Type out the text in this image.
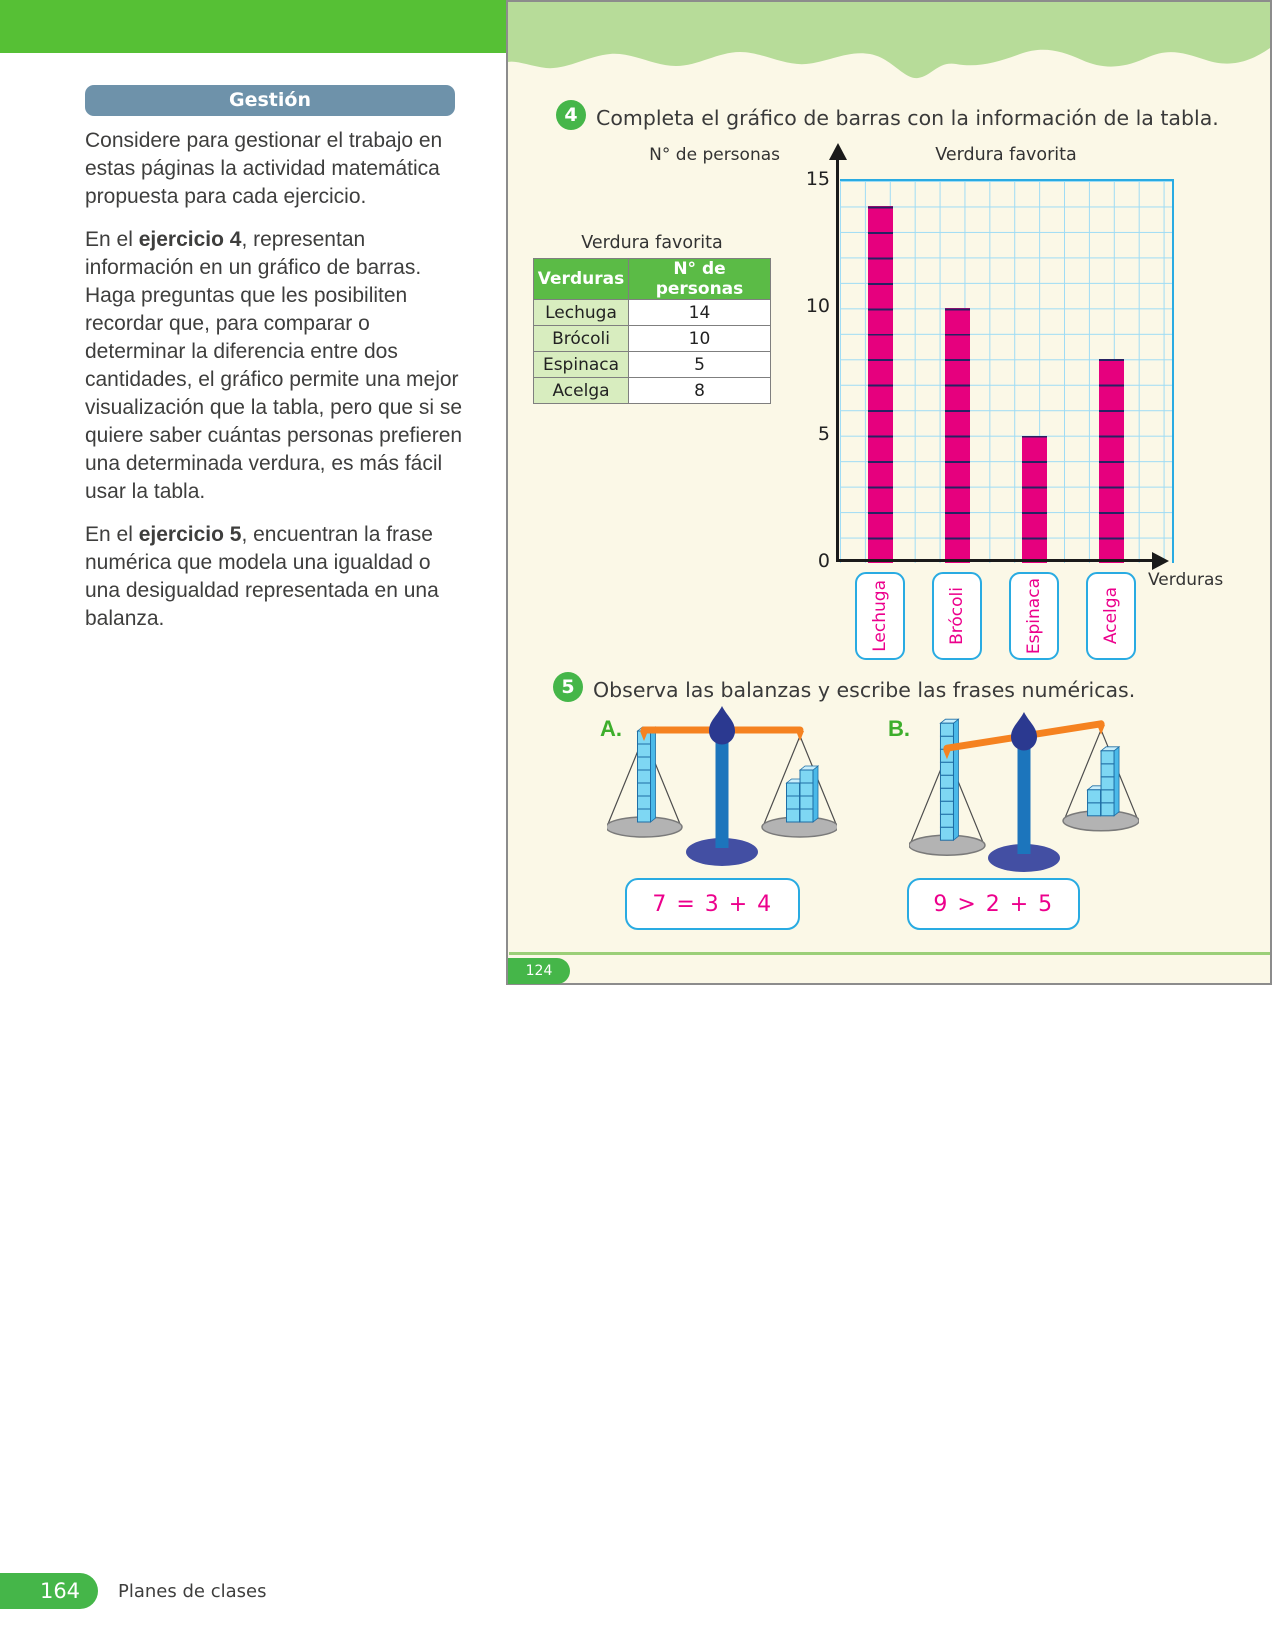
124
Gestión

Considere para gestionar el trabajo en estas páginas la actividad matemática propuesta para cada ejercicio.

En el ejercicio 4, representan información en un gráfico de barras. Haga preguntas que les posibiliten recordar que, para comparar o determinar la diferencia entre dos cantidades, el gráfico permite una mejor visualización que la tabla, pero que si se quiere saber cuántas personas prefieren una determinada verdura, es más fácil usar la tabla.

En el ejercicio 5, encuentran la frase numérica que modela una igualdad o una desigualdad representada en una balanza.

4 Completa el gráfico de barras con la información de la tabla.
Verdura favorita
Verduras	N° de personas
Lechuga	14
Brócoli	10
Espinaca	5
Acelga	8
N° de personas	Verdura favorita
Verduras
5 Observa las balanzas y escribe las frases numéricas.
A.	B.
7 = 3 + 4	9 > 2 + 5
164	Planes de clases
15
10
5
0
Lechuga	Brócoli	Espinaca	Acelga
